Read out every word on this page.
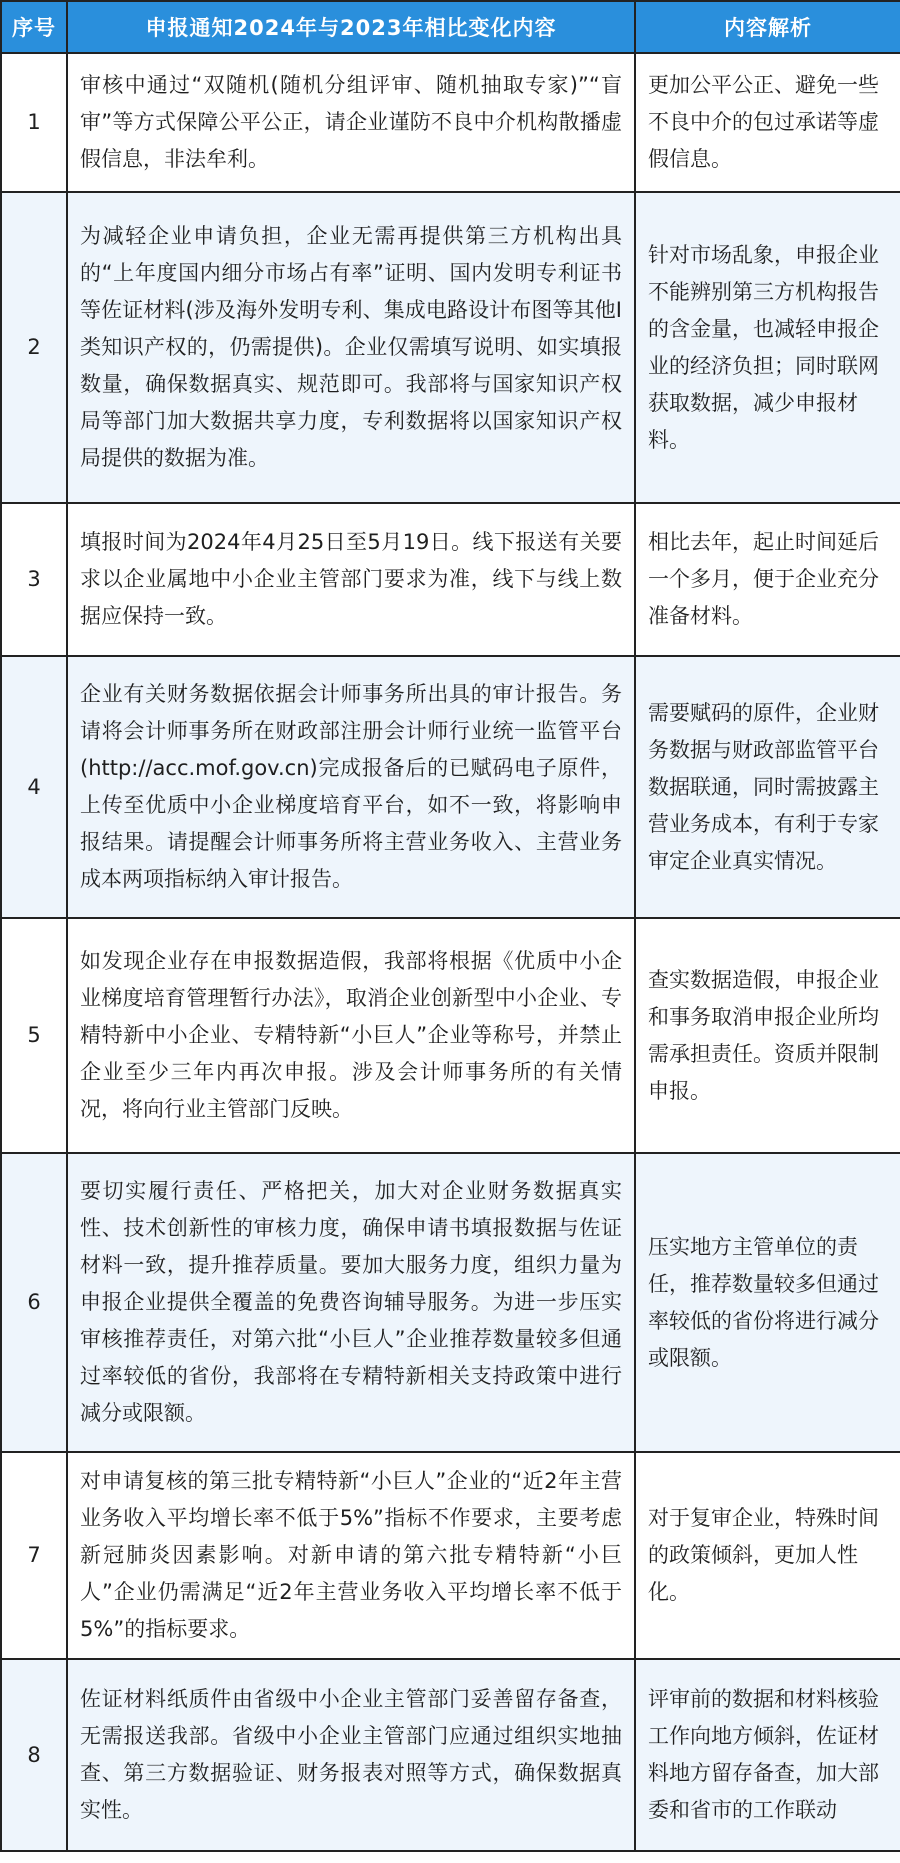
序号	申报通知2024年与2023年相比变化内容	内容解析
1	审核中通过“双随机(随机分组评审、随机抽取专家)”“盲审”等方式保障公平公正，请企业谨防不良中介机构散播虚假信息，非法牟利。	更加公平公正、避免一些不良中介的包过承诺等虚假信息。
2	为减轻企业申请负担，企业无需再提供第三方机构出具的“上年度国内细分市场占有率”证明、国内发明专利证书等佐证材料(涉及海外发明专利、集成电路设计布图等其他I类知识产权的，仍需提供)。企业仅需填写说明、如实填报数量，确保数据真实、规范即可。我部将与国家知识产权局等部门加大数据共享力度，专利数据将以国家知识产权局提供的数据为准。	针对市场乱象，申报企业不能辨别第三方机构报告的含金量，也减轻申报企业的经济负担；同时联网获取数据，减少申报材料。
3	填报时间为2024年4月25日至5月19日。线下报送有关要求以企业属地中小企业主管部门要求为准，线下与线上数据应保持一致。	相比去年，起止时间延后一个多月，便于企业充分准备材料。
4	企业有关财务数据依据会计师事务所出具的审计报告。务请将会计师事务所在财政部注册会计师行业统一监管平台(http://acc.mof.gov.cn)完成报备后的已赋码电子原件，上传至优质中小企业梯度培育平台，如不一致，将影响申报结果。请提醒会计师事务所将主营业务收入、主营业务成本两项指标纳入审计报告。	需要赋码的原件，企业财务数据与财政部监管平台数据联通，同时需披露主营业务成本，有利于专家审定企业真实情况。
5	如发现企业存在申报数据造假，我部将根据《优质中小企业梯度培育管理暂行办法》，取消企业创新型中小企业、专精特新中小企业、专精特新“小巨人”企业等称号，并禁止企业至少三年内再次申报。涉及会计师事务所的有关情况，将向行业主管部门反映。	查实数据造假，申报企业和事务取消申报企业所均需承担责任。资质并限制申报。
6	要切实履行责任、严格把关，加大对企业财务数据真实性、技术创新性的审核力度，确保申请书填报数据与佐证材料一致，提升推荐质量。要加大服务力度，组织力量为申报企业提供全覆盖的免费咨询辅导服务。为进一步压实审核推荐责任，对第六批“小巨人”企业推荐数量较多但通过率较低的省份，我部将在专精特新相关支持政策中进行减分或限额。	压实地方主管单位的责任，推荐数量较多但通过率较低的省份将进行减分或限额。
7	对申请复核的第三批专精特新“小巨人”企业的“近2年主营业务收入平均增长率不低于5%”指标不作要求，主要考虑新冠肺炎因素影响。对新申请的第六批专精特新“小巨人”企业仍需满足“近2年主营业务收入平均增长率不低于5%”的指标要求。	对于复审企业，特殊时间的政策倾斜，更加人性化。
8	佐证材料纸质件由省级中小企业主管部门妥善留存备查，无需报送我部。省级中小企业主管部门应通过组织实地抽查、第三方数据验证、财务报表对照等方式，确保数据真实性。	评审前的数据和材料核验工作向地方倾斜，佐证材料地方留存备查，加大部委和省市的工作联动
